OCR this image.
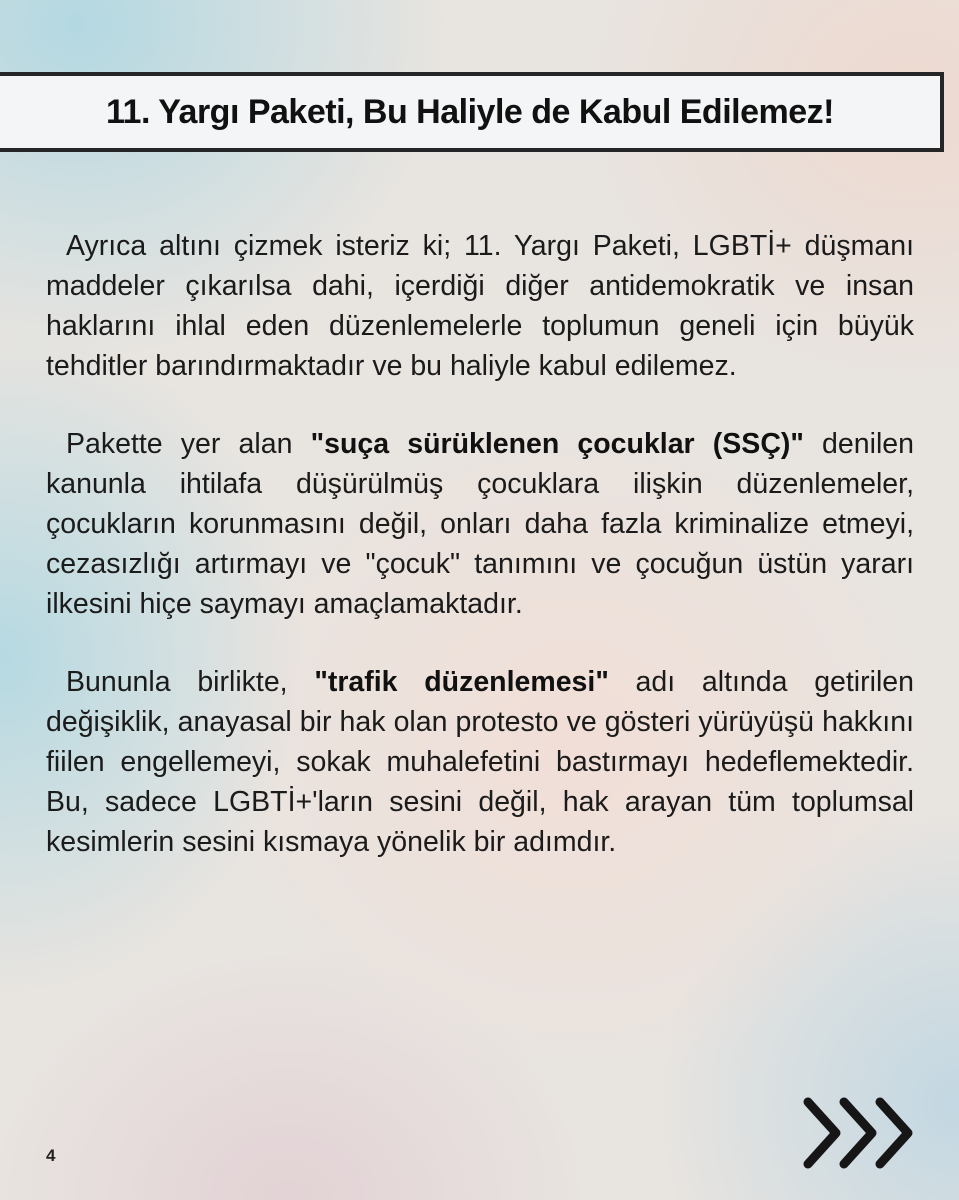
11. Yargı Paketi, Bu Haliyle de Kabul Edilemez!

Ayrıca altını çizmek isteriz ki; 11. Yargı Paketi, LGBTİ+ düşmanı maddeler çıkarılsa dahi, içerdiği diğer antidemokratik ve insan haklarını ihlal eden düzenlemelerle toplumun geneli için büyük tehditler barındırmaktadır ve bu haliyle kabul edilemez.

Pakette yer alan "suça sürüklenen çocuklar (SSÇ)" denilen kanunla ihtilafa düşürülmüş çocuklara ilişkin düzenlemeler, çocukların korunmasını değil, onları daha fazla kriminalize etmeyi, cezasızlığı artırmayı ve "çocuk" tanımını ve çocuğun üstün yararı ilkesini hiçe saymayı amaçlamaktadır.

Bununla birlikte, "trafik düzenlemesi" adı altında getirilen değişiklik, anayasal bir hak olan protesto ve gösteri yürüyüşü hakkını fiilen engellemeyi, sokak muhalefetini bastırmayı hedeflemektedir. Bu, sadece LGBTİ+'ların sesini değil, hak arayan tüm toplumsal kesimlerin sesini kısmaya yönelik bir adımdır.

4
